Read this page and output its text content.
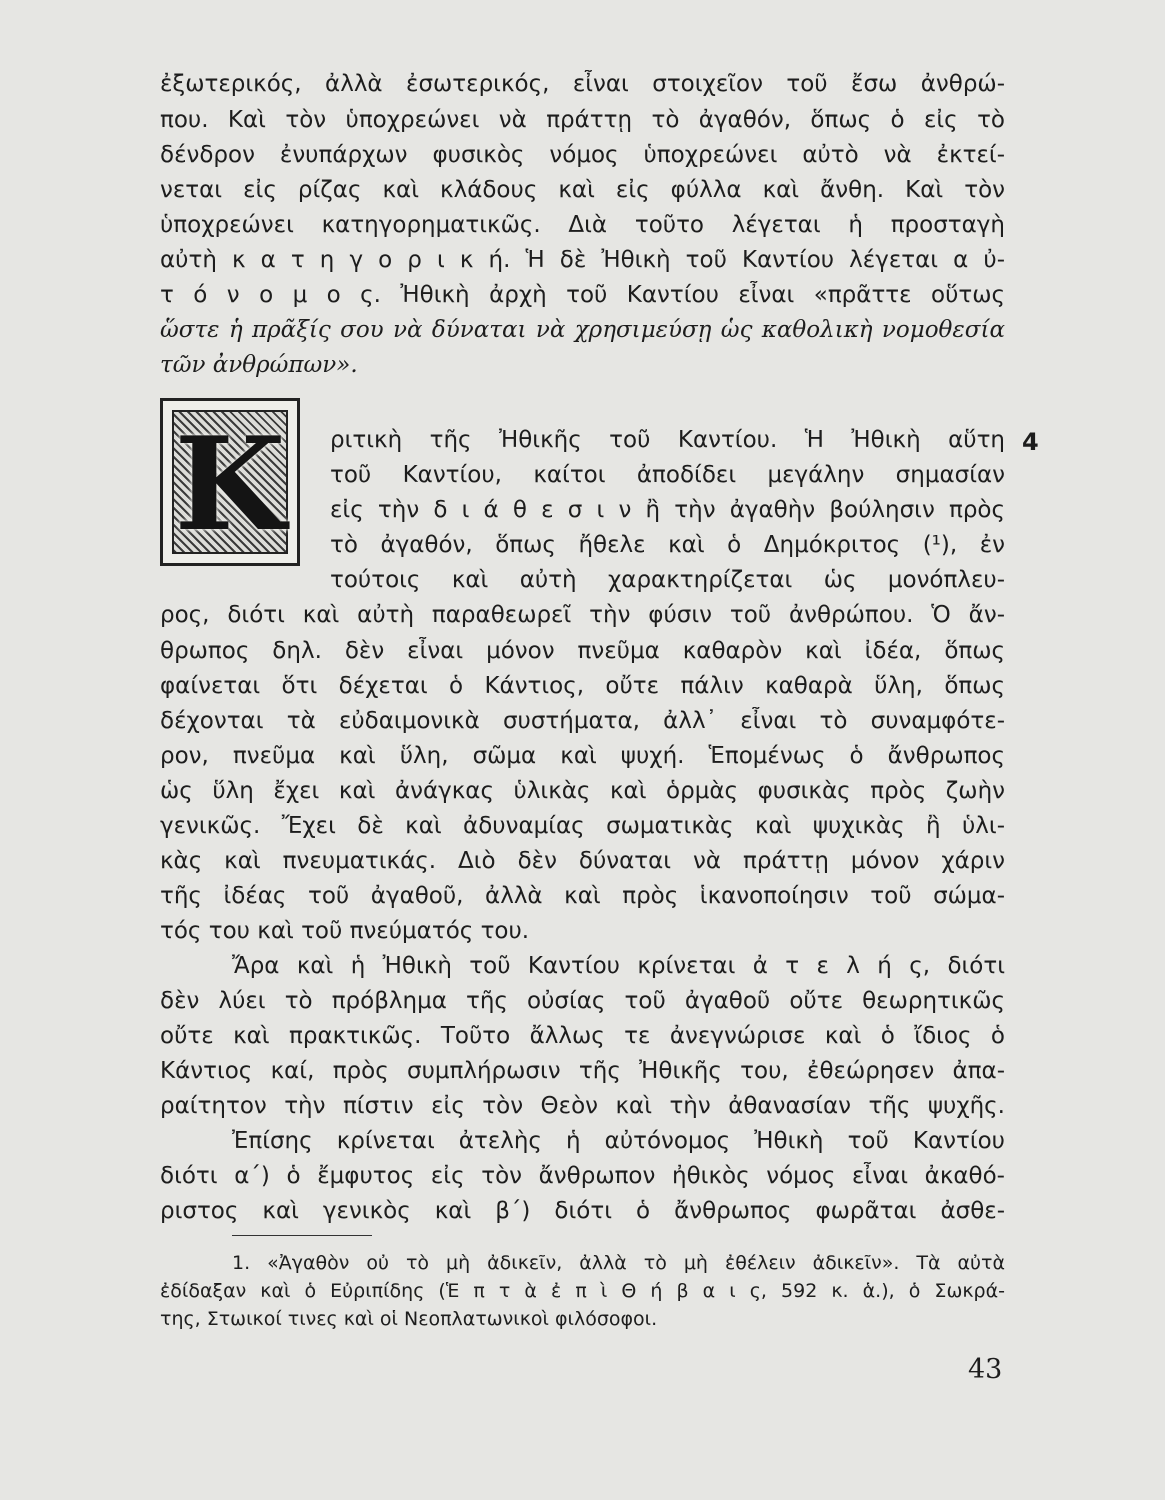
ἐξωτερικός, ἀλλὰ ἐσωτερικός, εἶναι στοιχεῖον τοῦ ἔσω ἀνθρώ-
που. Καὶ τὸν ὑποχρεώνει νὰ πράττῃ τὸ ἀγαθόν, ὅπως ὁ εἰς τὸ
δένδρον ἐνυπάρχων φυσικὸς νόμος ὑποχρεώνει αὐτὸ νὰ ἐκτεί-
νεται εἰς ρίζας καὶ κλάδους καὶ εἰς φύλλα καὶ ἄνθη. Καὶ τὸν
ὑποχρεώνει κατηγορηματικῶς. Διὰ τοῦτο λέγεται ἡ προσταγὴ
αὐτὴ κ α τ η γ ο ρ ι κ ή. Ἡ δὲ Ἠθικὴ τοῦ Καντίου λέγεται α ὐ-
τ ό ν ο μ ο ς. Ἠθικὴ ἀρχὴ τοῦ Καντίου εἶναι «πρᾶττε οὕτως
ὥστε ἡ πρᾶξίς σου νὰ δύναται νὰ χρησιμεύσῃ ὡς καθολικὴ νομοθεσία
τῶν ἀνθρώπων».
K	4
ριτικὴ τῆς Ἠθικῆς τοῦ Καντίου. Ἡ Ἠθικὴ αὕτη
τοῦ Καντίου, καίτοι ἀποδίδει μεγάλην σημασίαν
εἰς τὴν δ ι ά θ ε σ ι ν ἢ τὴν ἀγαθὴν βούλησιν πρὸς
τὸ ἀγαθόν, ὅπως ἤθελε καὶ ὁ Δημόκριτος (¹), ἐν
τούτοις καὶ αὐτὴ χαρακτηρίζεται ὡς μονόπλευ-
ρος, διότι καὶ αὐτὴ παραθεωρεῖ τὴν φύσιν τοῦ ἀνθρώπου. Ὁ ἄν-
θρωπος δηλ. δὲν εἶναι μόνον πνεῦμα καθαρὸν καὶ ἰδέα, ὅπως
φαίνεται ὅτι δέχεται ὁ Κάντιος, οὔτε πάλιν καθαρὰ ὕλη, ὅπως
δέχονται τὰ εὐδαιμονικὰ συστήματα, ἀλλ᾿ εἶναι τὸ συναμφότε-
ρον, πνεῦμα καὶ ὕλη, σῶμα καὶ ψυχή. Ἑπομένως ὁ ἄνθρωπος
ὡς ὕλη ἔχει καὶ ἀνάγκας ὑλικὰς καὶ ὁρμὰς φυσικὰς πρὸς ζωὴν
γενικῶς. Ἔχει δὲ καὶ ἀδυναμίας σωματικὰς καὶ ψυχικὰς ἢ ὑλι-
κὰς καὶ πνευματικάς. Διὸ δὲν δύναται νὰ πράττῃ μόνον χάριν
τῆς ἰδέας τοῦ ἀγαθοῦ, ἀλλὰ καὶ πρὸς ἱκανοποίησιν τοῦ σώμα-
τός του καὶ τοῦ πνεύματός του.
Ἄρα καὶ ἡ Ἠθικὴ τοῦ Καντίου κρίνεται ἀ τ ε λ ή ς, διότι
δὲν λύει τὸ πρόβλημα τῆς οὐσίας τοῦ ἀγαθοῦ οὔτε θεωρητικῶς
οὔτε καὶ πρακτικῶς. Τοῦτο ἄλλως τε ἀνεγνώρισε καὶ ὁ ἴδιος ὁ
Κάντιος καί, πρὸς συμπλήρωσιν τῆς Ἠθικῆς του, ἐθεώρησεν ἀπα-
ραίτητον τὴν πίστιν εἰς τὸν Θεὸν καὶ τὴν ἀθανασίαν τῆς ψυχῆς.
Ἐπίσης κρίνεται ἀτελὴς ἡ αὐτόνομος Ἠθικὴ τοῦ Καντίου
διότι α´) ὁ ἔμφυτος εἰς τὸν ἄνθρωπον ἠθικὸς νόμος εἶναι ἀκαθό-
ριστος καὶ γενικὸς καὶ β´) διότι ὁ ἄνθρωπος φωρᾶται ἀσθε-
1. «Ἀγαθὸν οὐ τὸ μὴ ἀδικεῖν, ἀλλὰ τὸ μὴ ἐθέλειν ἀδικεῖν». Τὰ αὐτὰ
ἐδίδαξαν καὶ ὁ Εὐριπίδης (Ἑ π τ ὰ ἐ π ὶ Θ ή β α ι ς, 592 κ. ἁ.), ὁ Σωκρά-
της, Στωικοί τινες καὶ οἱ Νεοπλατωνικοὶ φιλόσοφοι.
43
